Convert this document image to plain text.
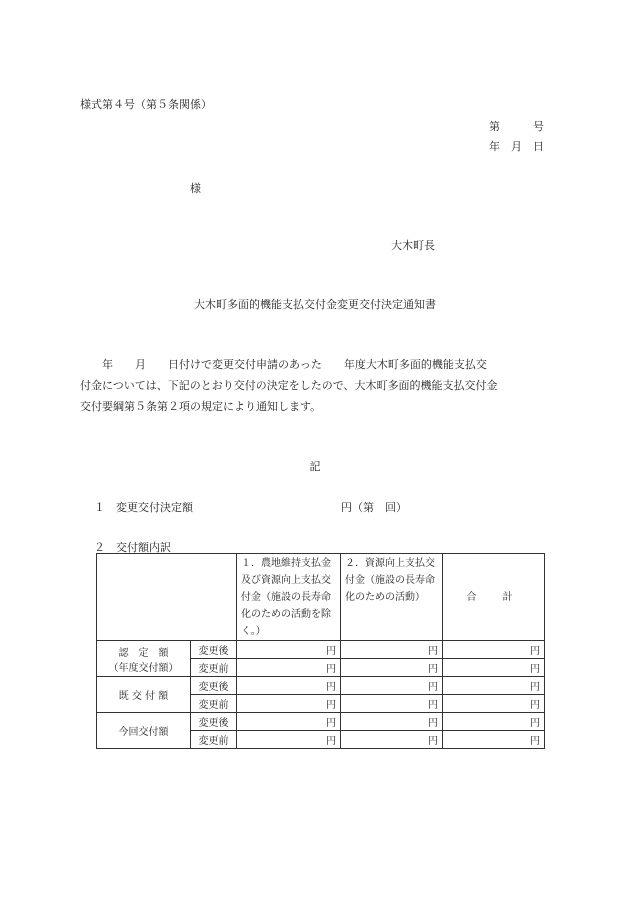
様式第４号（第５条関係）
第　　　号
年　月　日
様
大木町長
大木町多面的機能支払交付金変更交付決定通知書
　　年　　月　　日付けで変更交付申請のあった　　年度大木町多面的機能支払交
付金については、下記のとおり交付の決定をしたので、大木町多面的機能支払交付金
交付要綱第５条第２項の規定により通知します。
記
１　変更交付決定額	円（第　回）
２　交付額内訳
		１．農地維持支払金及び資源向上支払交付金（施設の長寿命化のための活動を除く。）	２．資源向上支払交付金（施設の長寿命化のための活動）	合　計

認　定　額
（年度交付額）	変更後	円	円	円
	変更前	円	円	円

既 交 付 額	変更後	円	円	円
	変更前	円	円	円

今回交付額	変更後	円	円	円
	変更前	円	円	円
